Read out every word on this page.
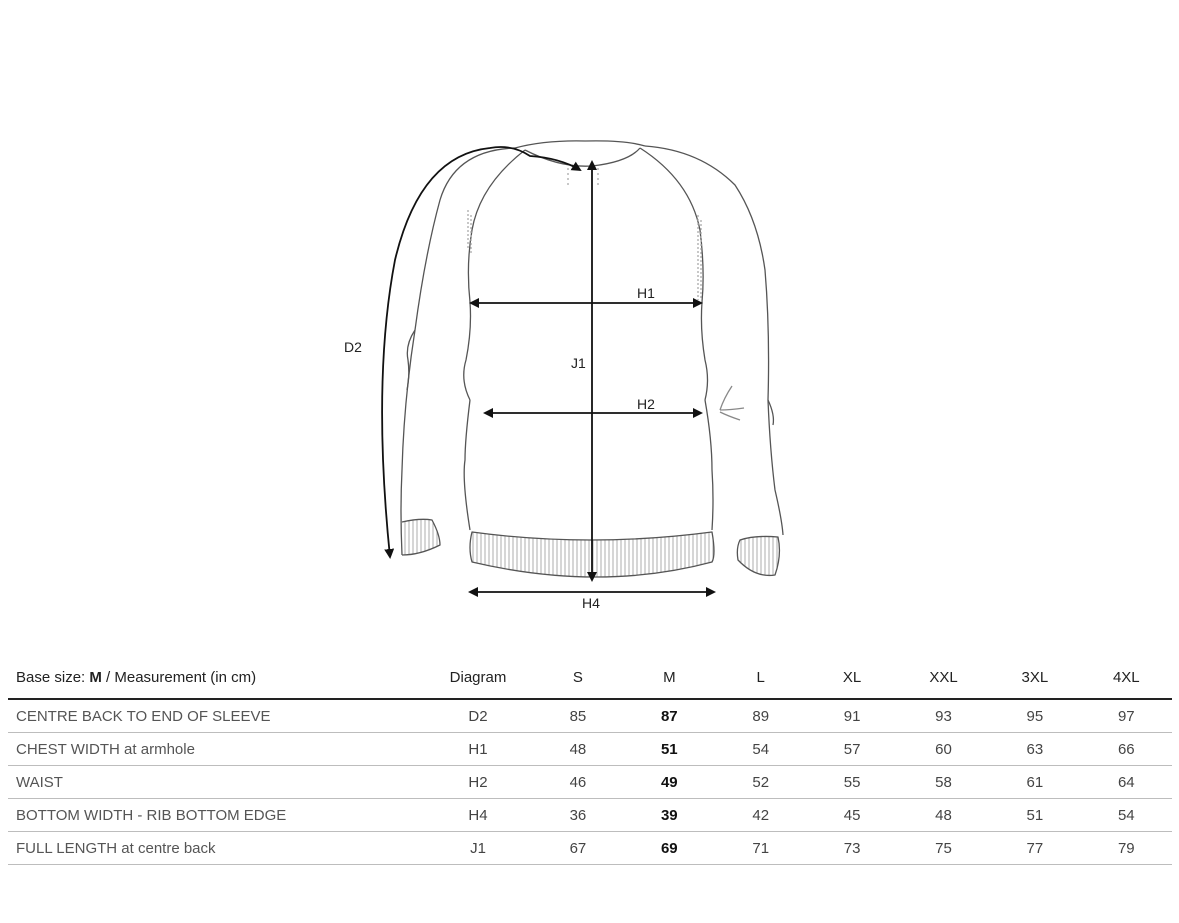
D2
J1
H1
H2
H4
Base size: M / Measurement (in cm)	Diagram	S	M	L	XL	XXL	3XL	4XL
CENTRE BACK TO END OF SLEEVE	D2	85	87	89	91	93	95	97
CHEST WIDTH at armhole	H1	48	51	54	57	60	63	66
WAIST	H2	46	49	52	55	58	61	64
BOTTOM WIDTH - RIB BOTTOM EDGE	H4	36	39	42	45	48	51	54
FULL LENGTH at centre back	J1	67	69	71	73	75	77	79
